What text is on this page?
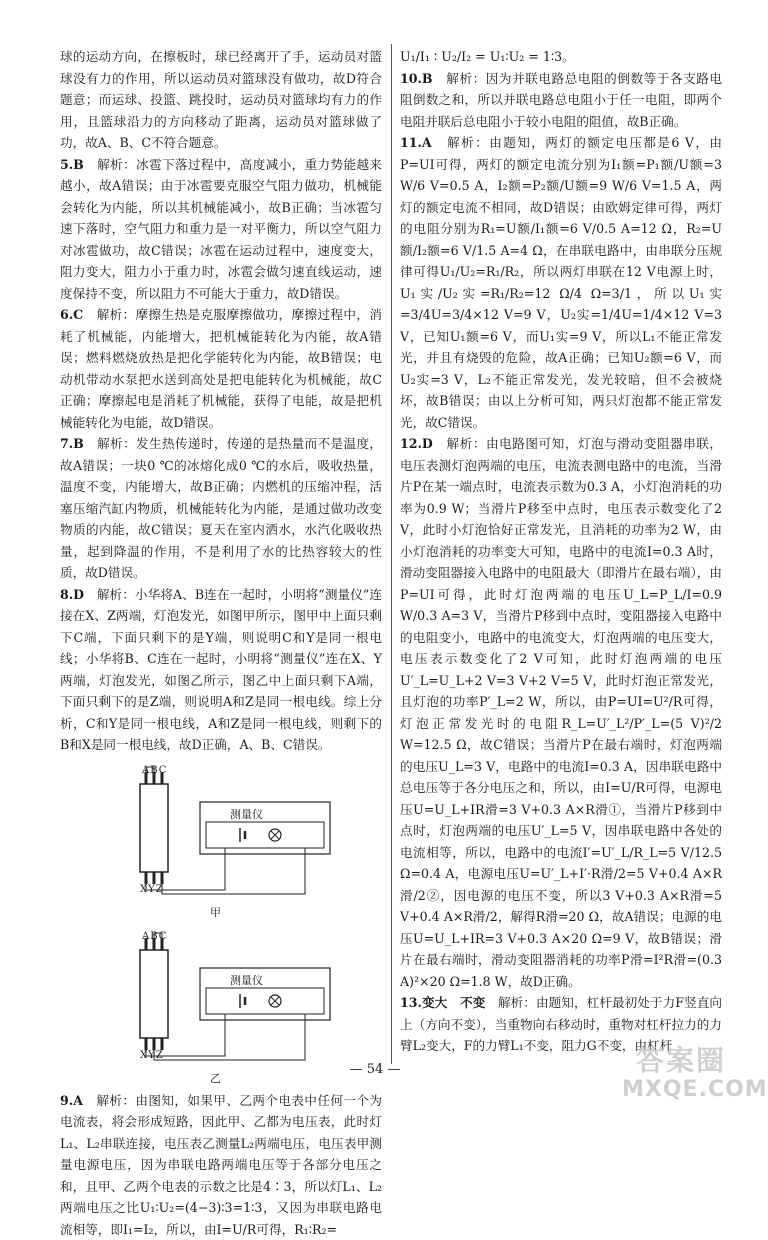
球的运动方向，在擦板时，球已经离开了手，运动员对篮球没有力的作用，所以运动员对篮球没有做功，故D符合题意；而运球、投篮、跳投时，运动员对篮球均有力的作用，且篮球沿力的方向移动了距离，运动员对篮球做了功，故A、B、C不符合题意。

5.B　 解析：冰雹下落过程中，高度减小，重力势能越来越小，故A错误；由于冰雹要克服空气阻力做功，机械能会转化为内能，所以其机械能减小，故B正确；当冰雹匀速下落时，空气阻力和重力是一对平衡力，所以空气阻力对冰雹做功，故C错误；冰雹在运动过程中，速度变大，阻力变大，阻力小于重力时，冰雹会做匀速直线运动，速度保持不变，所以阻力不可能大于重力，故D错误。

6.C　 解析：摩擦生热是克服摩擦做功，摩擦过程中，消耗了机械能，内能增大，把机械能转化为内能，故A错误；燃料燃烧放热是把化学能转化为内能，故B错误；电动机带动水泵把水送到高处是把电能转化为机械能，故C正确；摩擦起电是消耗了机械能，获得了电能，故是把机械能转化为电能，故D错误。

7.B　 解析：发生热传递时，传递的是热量而不是温度，故A错误；一块0 ℃的冰熔化成0 ℃的水后，吸收热量，温度不变，内能增大，故B正确；内燃机的压缩冲程，活塞压缩汽缸内物质，机械能转化为内能，是通过做功改变物质的内能，故C错误；夏天在室内洒水，水汽化吸收热量，起到降温的作用，不是利用了水的比热容较大的性质，故D错误。

8.D　 解析：小华将A、B连在一起时，小明将“测量仪”连接在X、Z两端，灯泡发光，如图甲所示，图甲中上面只剩下C端，下面只剩下的是Y端，则说明C和Y是同一根电线；小华将B、C连在一起时，小明将“测量仪”连在X、Y两端，灯泡发光，如图乙所示，图乙中上面只剩下A端，下面只剩下的是Z端，则说明A和Z是同一根电线。综上分析，C和Y是同一根电线，A和Z是同一根电线，则剩下的B和X是同一根电线，故D正确，A、B、C错误。

ABC
XYZ
测量仪
甲
ABC
XYZ
测量仪
乙

9.A　 解析：由图知，如果甲、乙两个电表中任何一个为电流表，将会形成短路，因此甲、乙都为电压表，此时灯L₁、L₂串联连接，电压表乙测量L₂两端电压，电压表甲测量电源电压，因为串联电路两端电压等于各部分电压之和，且甲、乙两个电表的示数之比是4∶3，所以灯L₁、L₂两端电压之比U₁∶U₂=(4−3)∶3=1∶3，又因为串联电路电流相等，即I₁=I₂，所以，由I=U/R可得，R₁∶R₂=

U₁/I₁ ∶ U₂/I₂ = U₁∶U₂ = 1∶3。

10.B　 解析：因为并联电路总电阻的倒数等于各支路电阻倒数之和，所以并联电路总电阻小于任一电阻，即两个电阻并联后总电阻小于较小电阻的阻值，故B正确。

11.A　 解析：由题知，两灯的额定电压都是6 V，由P=UI可得，两灯的额定电流分别为I₁额=P₁额/U额=3 W/6 V=0.5 A，I₂额=P₂额/U额=9 W/6 V=1.5 A，两灯的额定电流不相同，故D错误；由欧姆定律可得，两灯的电阻分别为R₁=U额/I₁额=6 V/0.5 A=12 Ω，R₂=U额/I₂额=6 V/1.5 A=4 Ω，在串联电路中，由串联分压规律可得U₁/U₂=R₁/R₂，所以两灯串联在12 V电源上时，U₁实/U₂实=R₁/R₂=12 Ω/4 Ω=3/1，所以U₁实=3/4U=3/4×12 V=9 V，U₂实=1/4U=1/4×12 V=3 V，已知U₁额=6 V，而U₁实=9 V，所以L₁不能正常发光，并且有烧毁的危险，故A正确；已知U₂额=6 V，而U₂实=3 V，L₂不能正常发光，发光较暗，但不会被烧坏，故B错误；由以上分析可知，两只灯泡都不能正常发光，故C错误。

12.D　 解析：由电路图可知，灯泡与滑动变阻器串联，电压表测灯泡两端的电压，电流表测电路中的电流，当滑片P在某一端点时，电流表示数为0.3 A，小灯泡消耗的功率为0.9 W；当滑片P移至中点时，电压表示数变化了2 V，此时小灯泡恰好正常发光，且消耗的功率为2 W，由小灯泡消耗的功率变大可知，电路中的电流I=0.3 A时，滑动变阻器接入电路中的电阻最大（即滑片在最右端），由P=UI可得，此时灯泡两端的电压U_L=P_L/I=0.9 W/0.3 A=3 V，当滑片P移到中点时，变阻器接入电路中的电阻变小，电路中的电流变大，灯泡两端的电压变大，电压表示数变化了2 V可知，此时灯泡两端的电压U′_L=U_L+2 V=3 V+2 V=5 V，此时灯泡正常发光，且灯泡的功率P′_L=2 W，所以，由P=UI=U²/R可得，灯泡正常发光时的电阻R_L=U′_L²/P′_L=(5 V)²/2 W=12.5 Ω，故C错误；当滑片P在最右端时，灯泡两端的电压U_L=3 V，电路中的电流I=0.3 A，因串联电路中总电压等于各分电压之和，所以，由I=U/R可得，电源电压U=U_L+IR滑=3 V+0.3 A×R滑①，当滑片P移到中点时，灯泡两端的电压U′_L=5 V，因串联电路中各处的电流相等，所以，电路中的电流I′=U′_L/R_L=5 V/12.5 Ω=0.4 A，电源电压U=U′_L+I′·R滑/2=5 V+0.4 A×R滑/2②，因电源的电压不变，所以3 V+0.3 A×R滑=5 V+0.4 A×R滑/2，解得R滑=20 Ω，故A错误；电源的电压U=U_L+IR=3 V+0.3 A×20 Ω=9 V，故B错误；滑片在最右端时，滑动变阻器消耗的功率P滑=I²R滑=(0.3 A)²×20 Ω=1.8 W，故D正确。

13.变大　不变　 解析：由题知，杠杆最初处于力F竖直向上（方向不变），当重物向右移动时，重物对杠杆拉力的力臂L₂变大，F的力臂L₁不变，阻力G不变，由杠杆

— 54 —	答案圈
MXQE.COM
